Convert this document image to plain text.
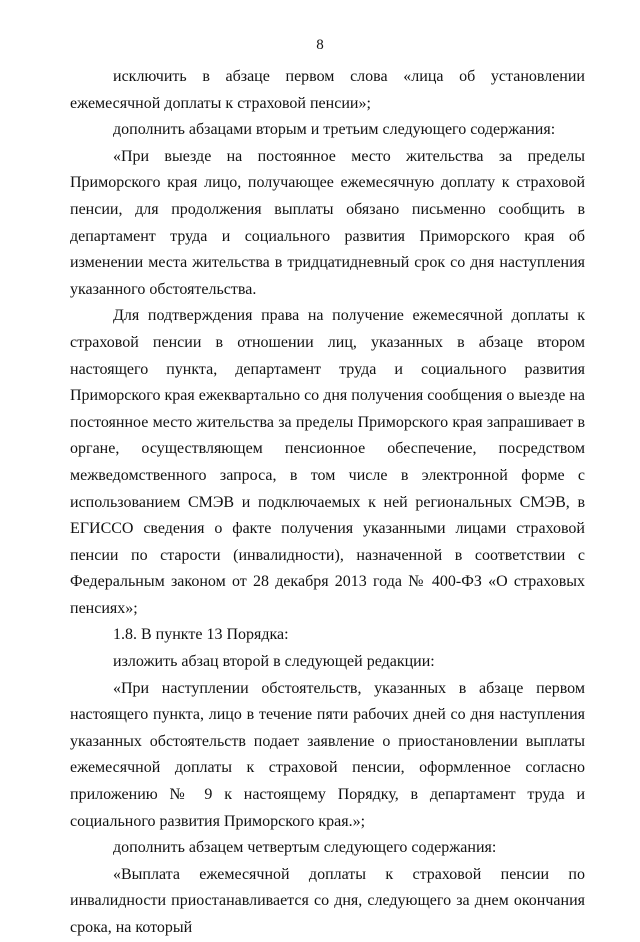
8

исключить в абзаце первом слова «лица об установлении ежемесячной доплаты к страховой пенсии»;

дополнить абзацами вторым и третьим следующего содержания:

«При выезде на постоянное место жительства за пределы Приморского края лицо, получающее ежемесячную доплату к страховой пенсии, для продолжения выплаты обязано письменно сообщить в департамент труда и социального развития Приморского края об изменении места жительства в тридцатидневный срок со дня наступления указанного обстоятельства.

Для подтверждения права на получение ежемесячной доплаты к страховой пенсии в отношении лиц, указанных в абзаце втором настоящего пункта, департамент труда и социального развития Приморского края ежеквартально со дня получения сообщения о выезде на постоянное место жительства за пределы Приморского края запрашивает в органе, осуществляющем пенсионное обеспечение, посредством межведомственного запроса, в том числе в электронной форме с использованием СМЭВ и подключаемых к ней региональных СМЭВ, в ЕГИССО сведения о факте получения указанными лицами страховой пенсии по старости (инвалидности), назначенной в соответствии с Федеральным законом от 28 декабря 2013 года № 400-ФЗ «О страховых пенсиях»;

1.8. В пункте 13 Порядка:

изложить абзац второй в следующей редакции:

«При наступлении обстоятельств, указанных в абзаце первом настоящего пункта, лицо в течение пяти рабочих дней со дня наступления указанных обстоятельств подает заявление о приостановлении выплаты ежемесячной доплаты к страховой пенсии, оформленное согласно приложению № 9 к настоящему Порядку, в департамент труда и социального развития Приморского края.»;

дополнить абзацем четвертым следующего содержания:

«Выплата ежемесячной доплаты к страховой пенсии по инвалидности приостанавливается со дня, следующего за днем окончания срока, на который
